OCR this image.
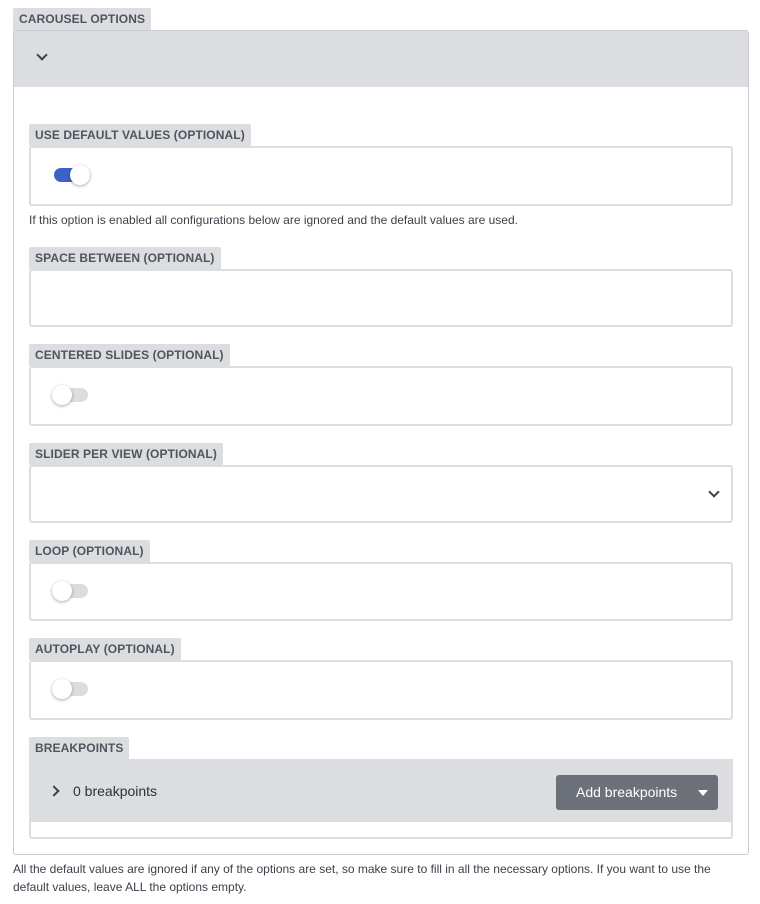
CAROUSEL OPTIONS
USE DEFAULT VALUES (OPTIONAL)
If this option is enabled all configurations below are ignored and the default values are used.
SPACE BETWEEN (OPTIONAL)
CENTERED SLIDES (OPTIONAL)
SLIDER PER VIEW (OPTIONAL)
LOOP (OPTIONAL)
AUTOPLAY (OPTIONAL)
BREAKPOINTS
0 breakpoints	Add breakpoints
All the default values are ignored if any of the options are set, so make sure to fill in all the necessary options. If you want to use the default values, leave ALL the options empty.
